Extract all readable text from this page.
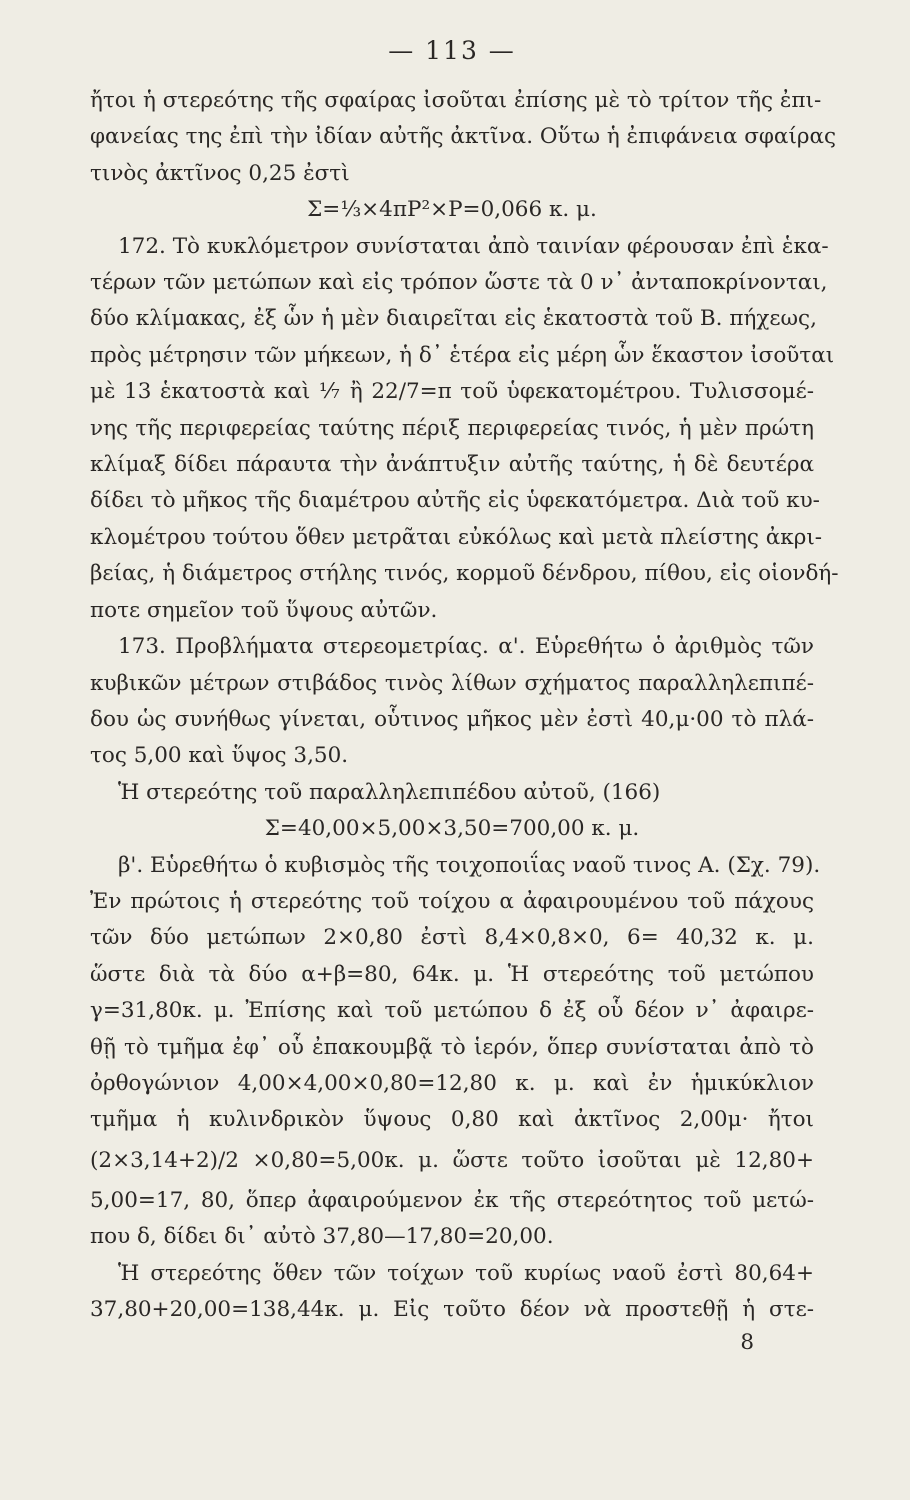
— 113 —
ἤτοι ἡ στερεότης τῆς σφαίρας ἰσοῦται ἐπίσης μὲ τὸ τρίτον τῆς ἐπι-
φανείας της ἐπὶ τὴν ἰδίαν αὐτῆς ἀκτῖνα. Οὕτω ἡ ἐπιφάνεια σφαίρας
τινὸς ἀκτῖνος 0,25 ἐστὶ
Σ=⅓×4πΡ²×Ρ=0,066 κ. μ.
172. Τὸ κυκλόμετρον συνίσταται ἀπὸ ταινίαν φέρουσαν ἐπὶ ἑκα-
τέρων τῶν μετώπων καὶ εἰς τρόπον ὥστε τὰ 0 ν᾿ ἀνταποκρίνονται,
δύο κλίμακας, ἐξ ὧν ἡ μὲν διαιρεῖται εἰς ἑκατοστὰ τοῦ Β. πήχεως,
πρὸς μέτρησιν τῶν μήκεων, ἡ δ᾿ ἑτέρα εἰς μέρη ὧν ἕκαστον ἰσοῦται
μὲ 13 ἑκατοστὰ καὶ ⅐ ἢ 22/7=π τοῦ ὑφεκατομέτρου. Τυλισσομέ-
νης τῆς περιφερείας ταύτης πέριξ περιφερείας τινός, ἡ μὲν πρώτη
κλίμαξ δίδει πάραυτα τὴν ἀνάπτυξιν αὐτῆς ταύτης, ἡ δὲ δευτέρα
δίδει τὸ μῆκος τῆς διαμέτρου αὐτῆς εἰς ὑφεκατόμετρα. Διὰ τοῦ κυ-
κλομέτρου τούτου ὅθεν μετρᾶται εὐκόλως καὶ μετὰ πλείστης ἀκρι-
βείας, ἡ διάμετρος στήλης τινός, κορμοῦ δένδρου, πίθου, εἰς οἱονδή-
ποτε σημεῖον τοῦ ὕψους αὐτῶν.
173. Προβλήματα στερεομετρίας. α'. Εὑρεθήτω ὁ ἀριθμὸς τῶν
κυβικῶν μέτρων στιβάδος τινὸς λίθων σχήματος παραλληλεπιπέ-
δου ὡς συνήθως γίνεται, οὗτινος μῆκος μὲν ἐστὶ 40,μ·00 τὸ πλά-
τος 5,00 καὶ ὕψος 3,50.
Ἡ στερεότης τοῦ παραλληλεπιπέδου αὐτοῦ, (166)
Σ=40,00×5,00×3,50=700,00 κ. μ.
β'. Εὑρεθήτω ὁ κυβισμὸς τῆς τοιχοποιΐας ναοῦ τινος Α. (Σχ. 79).
Ἐν πρώτοις ἡ στερεότης τοῦ τοίχου α ἀφαιρουμένου τοῦ πάχους
τῶν δύο μετώπων 2×0,80 ἐστὶ 8,4×0,8×0, 6= 40,32 κ. μ.
ὥστε διὰ τὰ δύο α+β=80, 64κ. μ. Ἡ στερεότης τοῦ μετώπου
γ=31,80κ. μ. Ἐπίσης καὶ τοῦ μετώπου δ ἐξ οὗ δέον ν᾿ ἀφαιρε-
θῇ τὸ τμῆμα ἐφ᾿ οὗ ἐπακουμβᾷ τὸ ἱερόν, ὅπερ συνίσταται ἀπὸ τὸ
ὀρθογώνιον 4,00×4,00×0,80=12,80 κ. μ. καὶ ἐν ἡμικύκλιον
τμῆμα ἡ κυλινδρικὸν ὕψους 0,80 καὶ ἀκτῖνος 2,00μ· ἤτοι
(2×3,14+2)/2 ×0,80=5,00κ. μ. ὥστε τοῦτο ἰσοῦται μὲ 12,80+
5,00=17, 80, ὅπερ ἀφαιρούμενον ἐκ τῆς στερεότητος τοῦ μετώ-
που δ, δίδει δι᾿ αὐτὸ 37,80—17,80=20,00.
Ἡ στερεότης ὅθεν τῶν τοίχων τοῦ κυρίως ναοῦ ἐστὶ 80,64+
37,80+20,00=138,44κ. μ. Εἰς τοῦτο δέον νὰ προστεθῇ ἡ στε-
8
